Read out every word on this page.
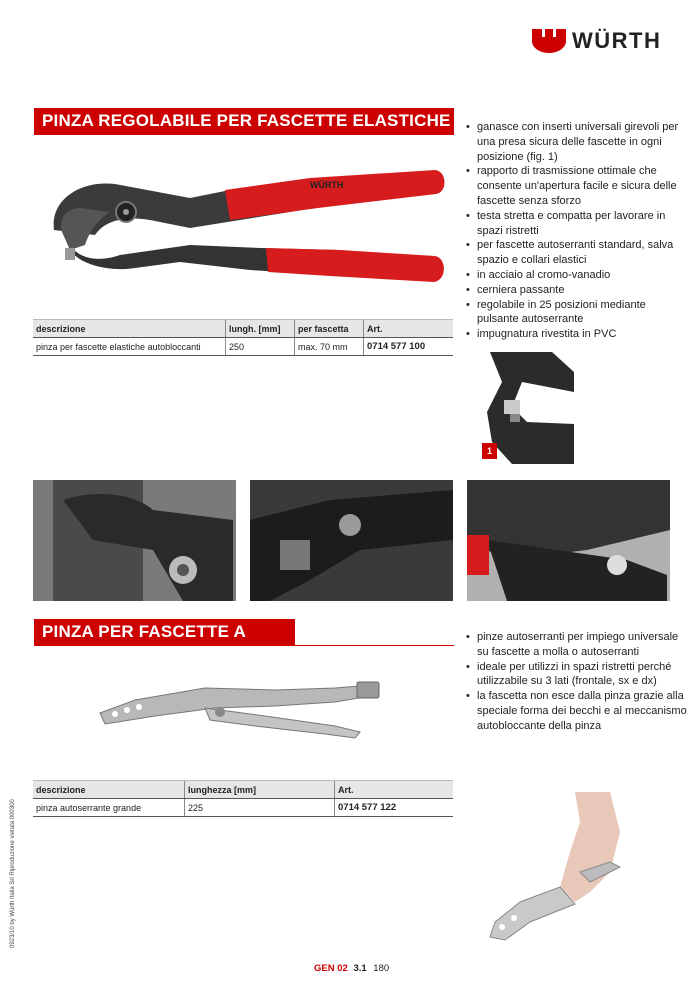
WÜRTH
PINZA REGOLABILE PER FASCETTE ELASTICHE
WÜRTH
• ganasce con inserti universali girevoli per una presa sicura delle fascette in ogni posizione (fig. 1)
• rapporto di trasmissione ottimale che consente un'apertura facile e sicura delle fascette senza sforzo
• testa stretta e compatta per lavorare in spazi ristretti
• per fascette autoserranti standard, salva spazio e collari elastici
• in acciaio al cromo-vanadio
• cerniera passante
• regolabile in 25 posizioni mediante pulsante autoserrante
• impugnatura rivestita in PVC
descrizione	lungh. [mm]	per fascetta	Art.
pinza per fascette elastiche autobloccanti	250	max. 70 mm	0714 577 100
1
PINZA PER FASCETTE A MOLLA
• pinze autoserranti per impiego universale su fascette a molla o autoserranti
• ideale per utilizzi in spazi ristretti perché utilizzabile su 3 lati (frontale, sx e dx)
• la fascetta non esce dalla pinza grazie alla speciale forma dei becchi e al meccanismo autobloccante della pinza
descrizione	lunghezza [mm]	Art.
pinza autoserrante grande	225	0714 577 122
0923/10 by Würth Italia Srl Riproduzione vietata 000300
GEN 02 3.1 180
